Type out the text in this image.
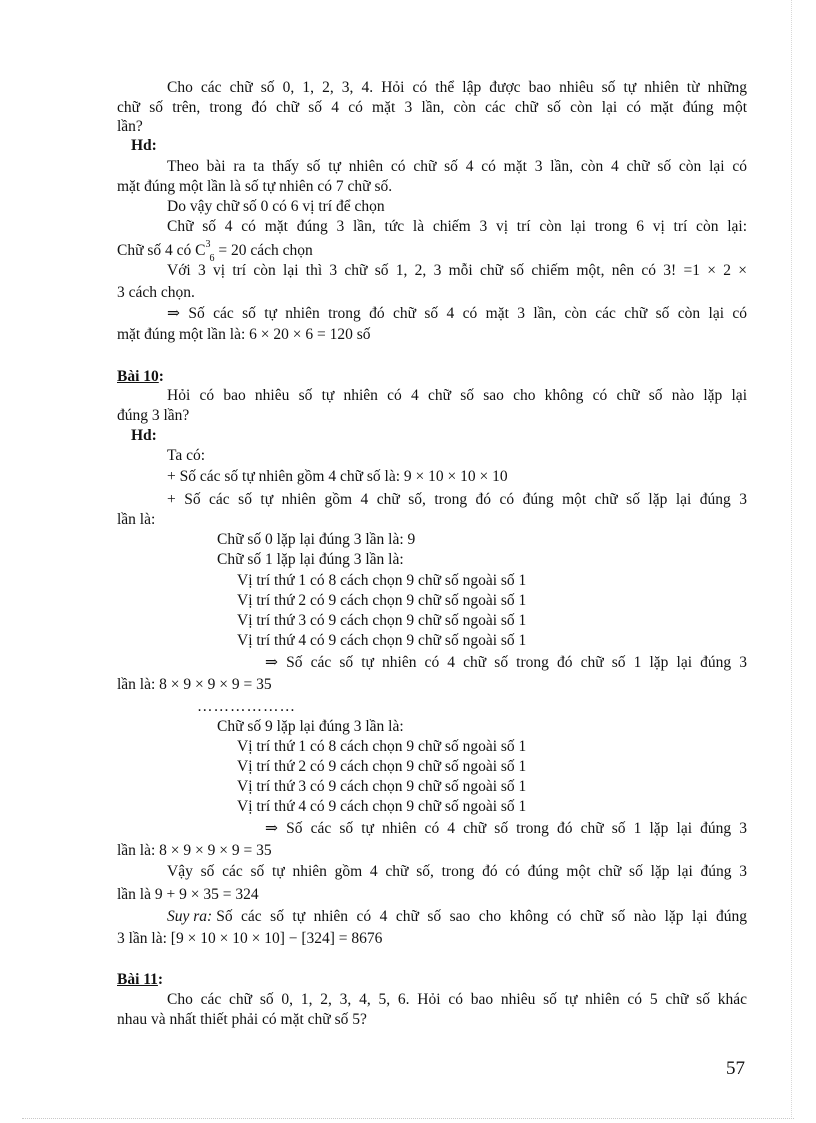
Cho các chữ số 0, 1, 2, 3, 4. Hỏi có thể lập được bao nhiêu số tự nhiên từ những
chữ số trên, trong đó chữ số 4 có mặt 3 lần, còn các chữ số còn lại có mặt đúng một
lần?
Hd:
Theo bài ra ta thấy số tự nhiên có chữ số 4 có mặt 3 lần, còn 4 chữ số còn lại có
mặt đúng một lần là số tự nhiên có 7 chữ số.
Do vậy chữ số 0 có 6 vị trí để chọn
Chữ số 4 có mặt đúng 3 lần, tức là chiếm 3 vị trí còn lại trong 6 vị trí còn lại:
Chữ số 4 có $C^3_6 = 20$ cách chọn
Với 3 vị trí còn lại thì 3 chữ số 1, 2, 3 mỗi chữ số chiếm một, nên có 3! =1 × 2 ×
3 cách chọn.
⇒ Số các số tự nhiên trong đó chữ số 4 có mặt 3 lần, còn các chữ số còn lại có
mặt đúng một lần là: 6 × 20 × 6 = 120 số
Bài 10:
Hỏi có bao nhiêu số tự nhiên có 4 chữ số sao cho không có chữ số nào lặp lại
đúng 3 lần?
Hd:
Ta có:
+ Số các số tự nhiên gồm 4 chữ số là: 9 × 10 × 10 × 10
+ Số các số tự nhiên gồm 4 chữ số, trong đó có đúng một chữ số lặp lại đúng 3
lần là:
Chữ số 0 lặp lại đúng 3 lần là: 9
Chữ số 1 lặp lại đúng 3 lần là:
Vị trí thứ 1 có 8 cách chọn 9 chữ số ngoài số 1
Vị trí thứ 2 có 9 cách chọn 9 chữ số ngoài số 1
Vị trí thứ 3 có 9 cách chọn 9 chữ số ngoài số 1
Vị trí thứ 4 có 9 cách chọn 9 chữ số ngoài số 1
⇒ Số các số tự nhiên có 4 chữ số trong đó chữ số 1 lặp lại đúng 3
lần là: 8 × 9 × 9 × 9 = 35
………………
Chữ số 9 lặp lại đúng 3 lần là:
Vị trí thứ 1 có 8 cách chọn 9 chữ số ngoài số 1
Vị trí thứ 2 có 9 cách chọn 9 chữ số ngoài số 1
Vị trí thứ 3 có 9 cách chọn 9 chữ số ngoài số 1
Vị trí thứ 4 có 9 cách chọn 9 chữ số ngoài số 1
⇒ Số các số tự nhiên có 4 chữ số trong đó chữ số 1 lặp lại đúng 3
lần là: 8 × 9 × 9 × 9 = 35
Vậy số các số tự nhiên gồm 4 chữ số, trong đó có đúng một chữ số lặp lại đúng 3
lần là 9 + 9 × 35 = 324
Suy ra: Số các số tự nhiên có 4 chữ số sao cho không có chữ số nào lặp lại đúng
3 lần là: [9 × 10 × 10 × 10] − [324] = 8676
Bài 11:
Cho các chữ số 0, 1, 2, 3, 4, 5, 6. Hỏi có bao nhiêu số tự nhiên có 5 chữ số khác
nhau và nhất thiết phải có mặt chữ số 5?
57
